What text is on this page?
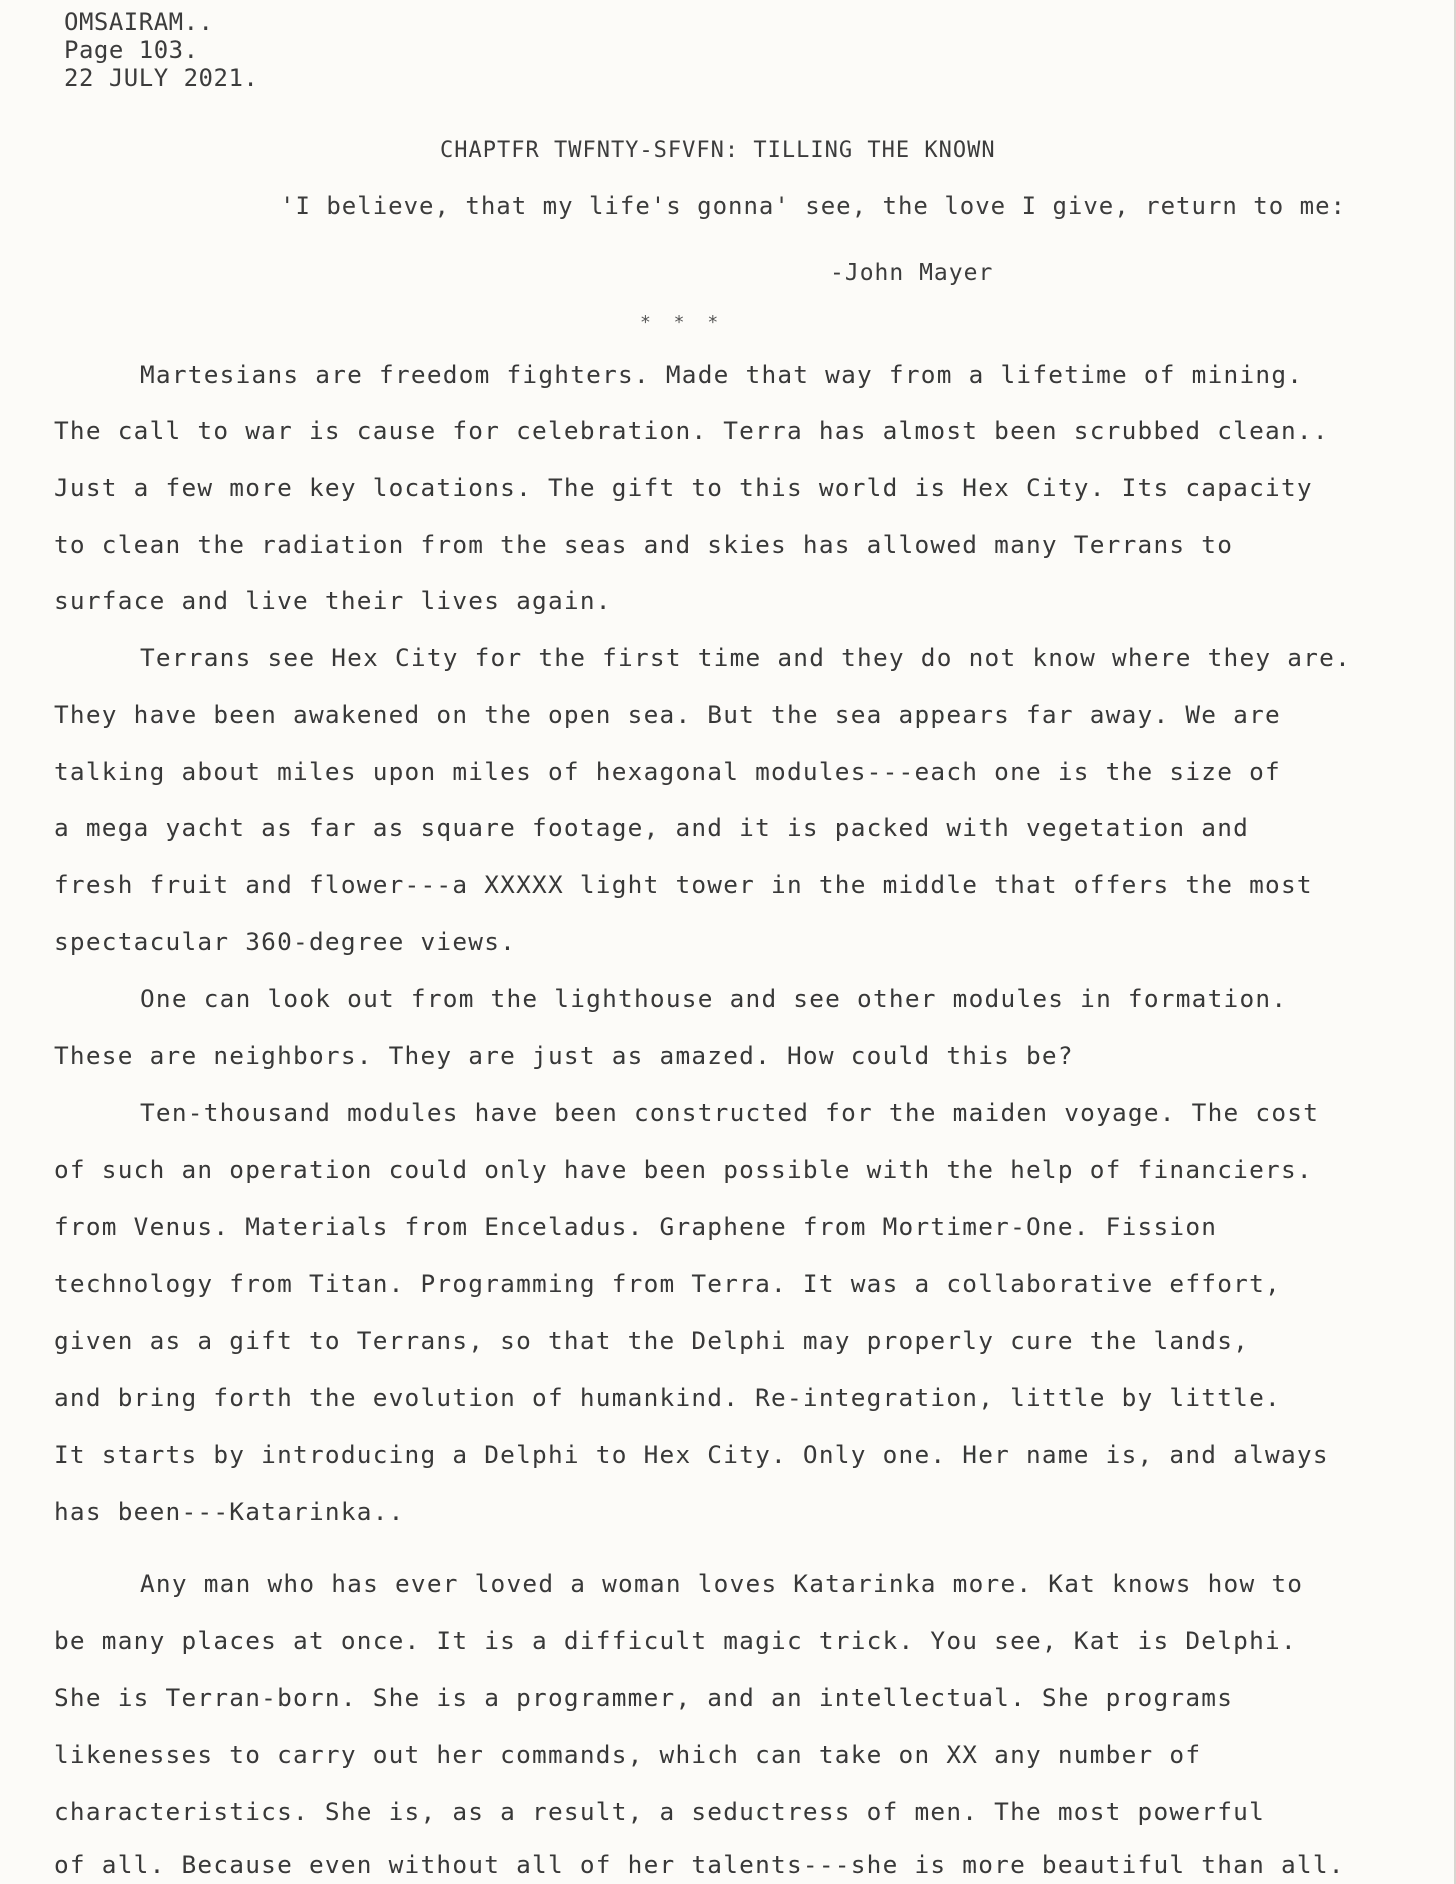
OMSAIRAM..
Page 103.
22 JULY 2021.
CHAPTFR TWFNTY-SFVFN: TILLING THE KNOWN
'I believe, that my life's gonna' see, the love I give, return to me:
-John Mayer
* * *
Martesians are freedom fighters. Made that way from a lifetime of mining.
The call to war is cause for celebration. Terra has almost been scrubbed clean..
Just a few more key locations. The gift to this world is Hex City. Its capacity
to clean the radiation from the seas and skies has allowed many Terrans to
surface and live their lives again.
Terrans see Hex City for the first time and they do not know where they are.
They have been awakened on the open sea. But the sea appears far away. We are
talking about miles upon miles of hexagonal modules---each one is the size of
a mega yacht as far as square footage, and it is packed with vegetation and
fresh fruit and flower---a XXXXX light tower in the middle that offers the most
spectacular 360-degree views.
One can look out from the lighthouse and see other modules in formation.
These are neighbors. They are just as amazed. How could this be?
Ten-thousand modules have been constructed for the maiden voyage. The cost
of such an operation could only have been possible with the help of financiers.
from Venus. Materials from Enceladus. Graphene from Mortimer-One. Fission
technology from Titan. Programming from Terra. It was a collaborative effort,
given as a gift to Terrans, so that the Delphi may properly cure the lands,
and bring forth the evolution of humankind. Re-integration, little by little.
It starts by introducing a Delphi to Hex City. Only one. Her name is, and always
has been---Katarinka..
Any man who has ever loved a woman loves Katarinka more. Kat knows how to
be many places at once. It is a difficult magic trick. You see, Kat is Delphi.
She is Terran-born. She is a programmer, and an intellectual. She programs
likenesses to carry out her commands, which can take on XX any number of
characteristics. She is, as a result, a seductress of men. The most powerful
of all. Because even without all of her talents---she is more beautiful than all.
